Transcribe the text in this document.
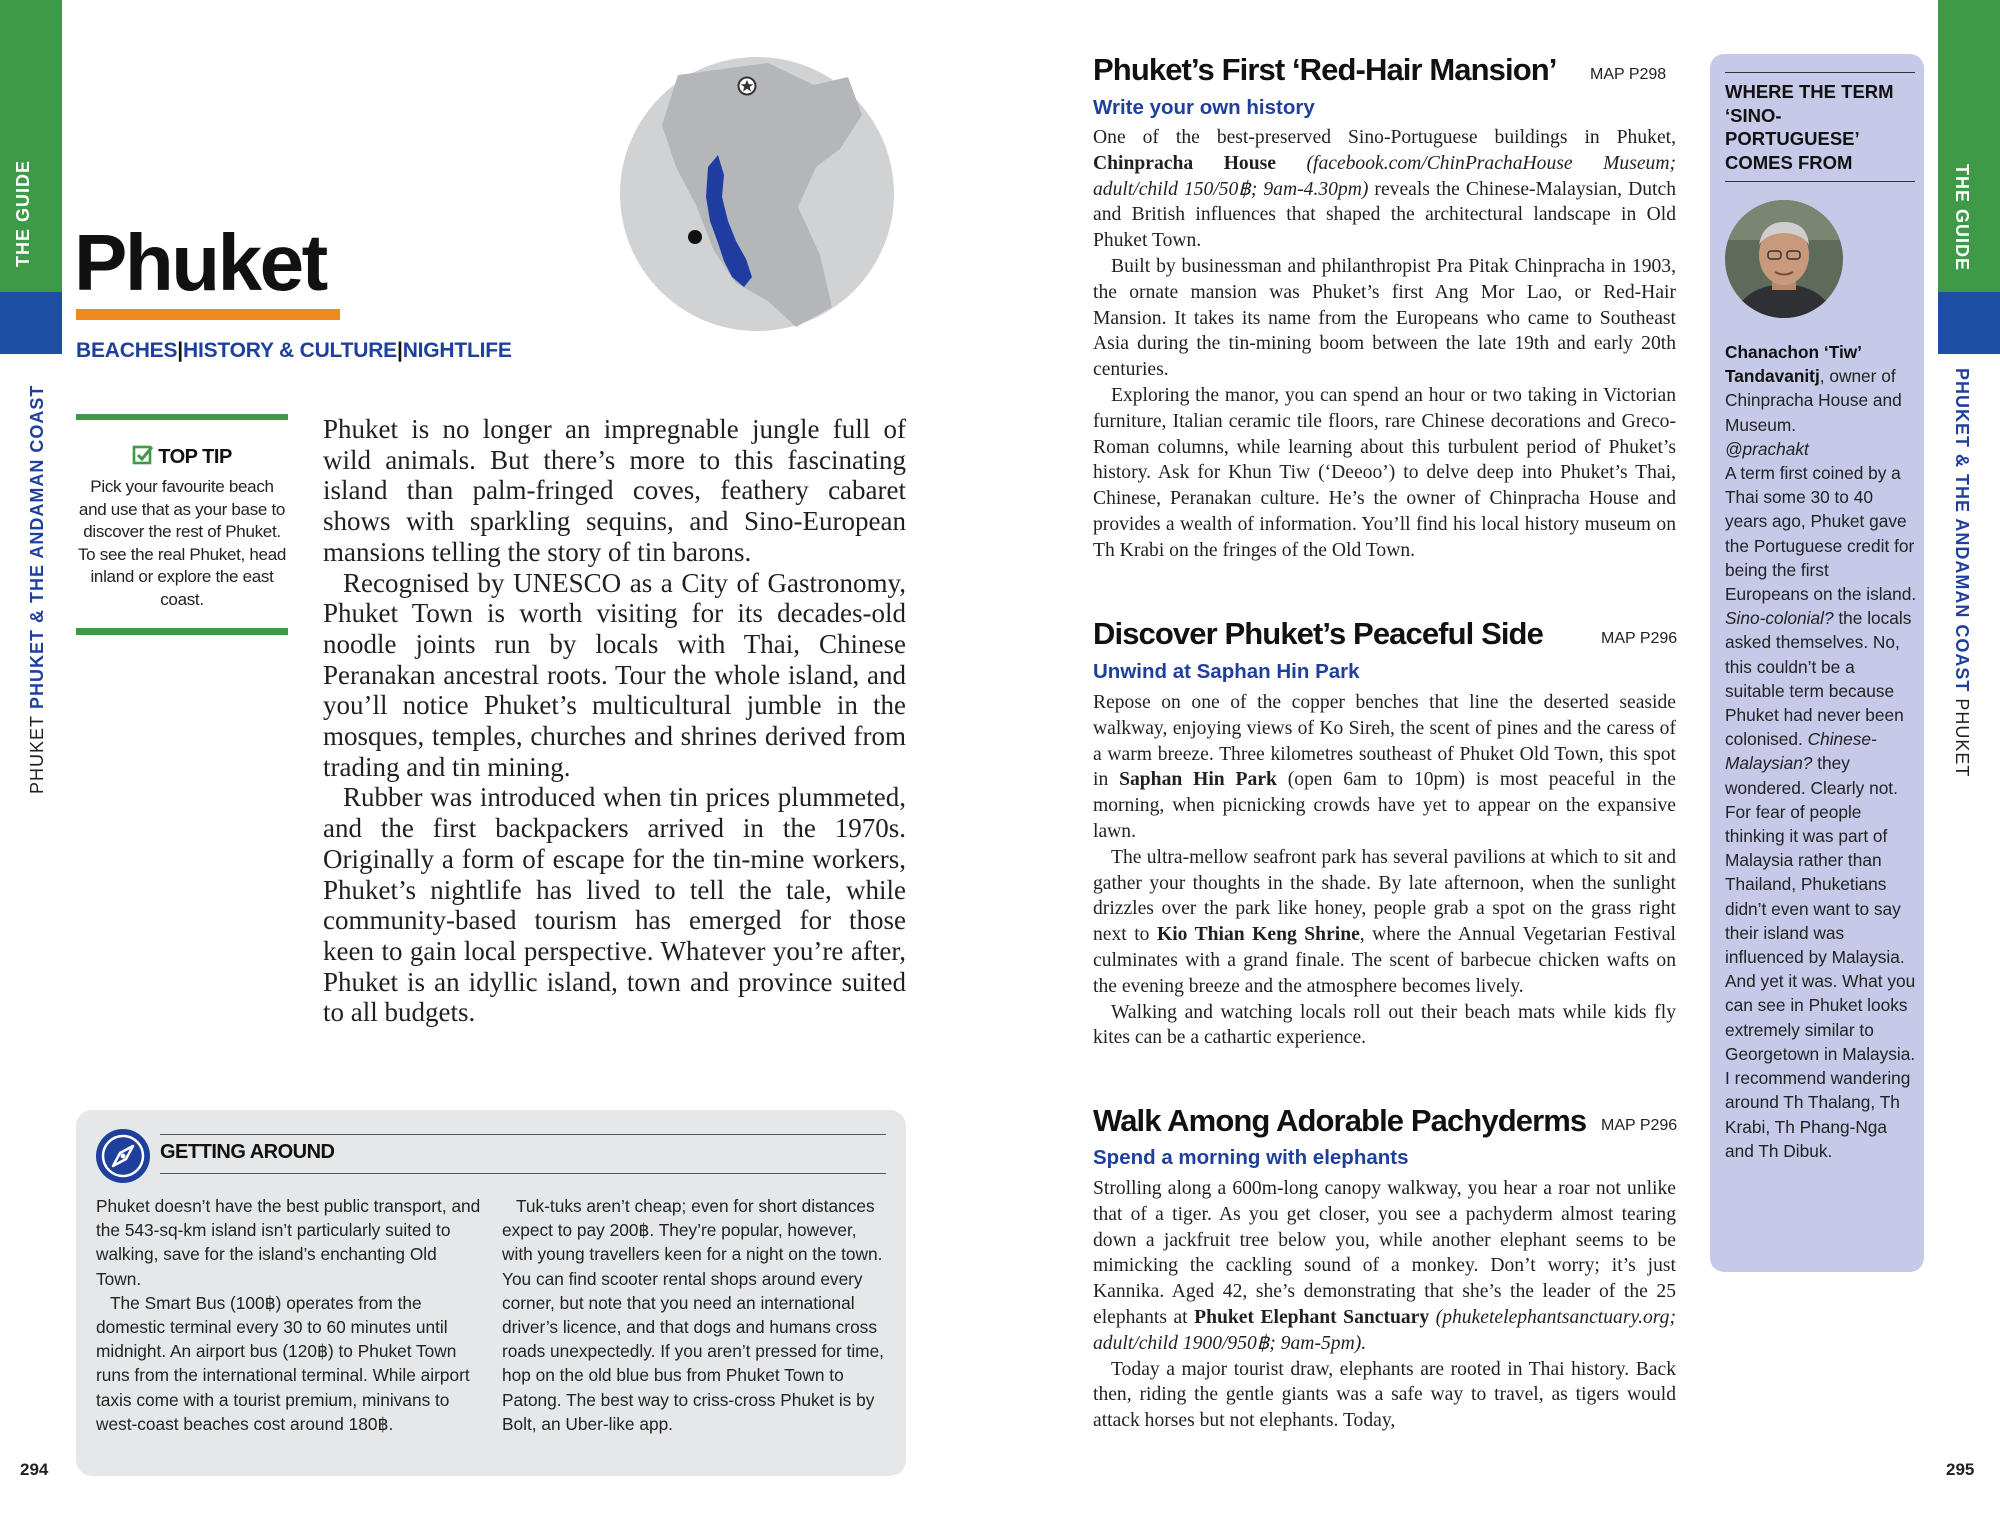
THE GUIDE
PHUKET PHUKET & THE ANDAMAN COAST
THE GUIDE
PHUKET & THE ANDAMAN COAST PHUKET
294	295
Phuket
BEACHES|HISTORY & CULTURE|NIGHTLIFE
TOP TIP
Pick your favourite beach and use that as your base to discover the rest of Phuket. To see the real Phuket, head inland or explore the east coast.

Phuket is no longer an impregnable jungle full of wild animals. But there’s more to this fascinating island than palm-fringed coves, feathery cabaret shows with sparkling sequins, and Sino-European mansions telling the story of tin barons.

Recognised by UNESCO as a City of Gastronomy, Phuket Town is worth visiting for its decades-old noodle joints run by locals with Thai, Chinese Peranakan ancestral roots. Tour the whole island, and you’ll notice Phuket’s multicultural jumble in the mosques, temples, churches and shrines derived from trading and tin mining.

Rubber was introduced when tin prices plummeted, and the first backpackers arrived in the 1970s. Originally a form of escape for the tin-mine workers, Phuket’s nightlife has lived to tell the tale, while community-based tourism has emerged for those keen to gain local perspective. Whatever you’re after, Phuket is an idyllic island, town and province suited to all budgets.

GETTING AROUND

Phuket doesn’t have the best public transport, and the 543-sq-km island isn’t particularly suited to walking, save for the island’s enchanting Old Town.

The Smart Bus (100฿) operates from the domestic terminal every 30 to 60 minutes until midnight. An airport bus (120฿) to Phuket Town runs from the international terminal. While airport taxis come with a tourist premium, minivans to west-coast beaches cost around 180฿.

Tuk-tuks aren’t cheap; even for short distances expect to pay 200฿. They’re popular, however, with young travellers keen for a night on the town. You can find scooter rental shops around every corner, but note that you need an international driver’s licence, and that dogs and humans cross roads unexpectedly. If you aren’t pressed for time, hop on the old blue bus from Phuket Town to Patong. The best way to criss-cross Phuket is by Bolt, an Uber-like app.

Phuket’s First ‘Red-Hair Mansion’ MAP P298
Write your own history

One of the best-preserved Sino-Portuguese buildings in Phuket, Chinpracha House (facebook.com/ChinPrachaHouse Museum; adult/child 150/50฿; 9am-4.30pm) reveals the Chinese-Malaysian, Dutch and British influences that shaped the architectural landscape in Old Phuket Town.

Built by businessman and philanthropist Pra Pitak Chinpracha in 1903, the ornate mansion was Phuket’s first Ang Mor Lao, or Red-Hair Mansion. It takes its name from the Europeans who came to Southeast Asia during the tin-mining boom between the late 19th and early 20th centuries.

Exploring the manor, you can spend an hour or two taking in Victorian furniture, Italian ceramic tile floors, rare Chinese decorations and Greco-Roman columns, while learning about this turbulent period of Phuket’s history. Ask for Khun Tiw (‘Deeoo’) to delve deep into Phuket’s Thai, Chinese, Peranakan culture. He’s the owner of Chinpracha House and provides a wealth of information. You’ll find his local history museum on Th Krabi on the fringes of the Old Town.

Discover Phuket’s Peaceful Side	MAP P296
Unwind at Saphan Hin Park

Repose on one of the copper benches that line the deserted seaside walkway, enjoying views of Ko Sireh, the scent of pines and the caress of a warm breeze. Three kilometres southeast of Phuket Old Town, this spot in Saphan Hin Park (open 6am to 10pm) is most peaceful in the morning, when picnicking crowds have yet to appear on the expansive lawn.

The ultra-mellow seafront park has several pavilions at which to sit and gather your thoughts in the shade. By late afternoon, when the sunlight drizzles over the park like honey, people grab a spot on the grass right next to Kio Thian Keng Shrine, where the Annual Vegetarian Festival culminates with a grand finale. The scent of barbecue chicken wafts on the evening breeze and the atmosphere becomes lively.

Walking and watching locals roll out their beach mats while kids fly kites can be a cathartic experience.

Walk Among Adorable Pachyderms MAP P296
Spend a morning with elephants

Strolling along a 600m-long canopy walkway, you hear a roar not unlike that of a tiger. As you get closer, you see a pachyderm almost tearing down a jackfruit tree below you, while another elephant seems to be mimicking the cackling sound of a monkey. Don’t worry; it’s just Kannika. Aged 42, she’s demonstrating that she’s the leader of the 25 elephants at Phuket Elephant Sanctuary (phuketelephantsanctuary.org; adult/child 1900/950฿; 9am-5pm).

Today a major tourist draw, elephants are rooted in Thai history. Back then, riding the gentle giants was a safe way to travel, as tigers would attack horses but not elephants. Today,

WHERE THE TERM ‘SINO-PORTUGUESE’ COMES FROM
Chanachon ‘Tiw’ Tandavanitj, owner of Chinpracha House and Museum.
@prachakt
A term first coined by a Thai some 30 to 40 years ago, Phuket gave the Portuguese credit for being the first Europeans on the island. Sino-colonial? the locals asked themselves. No, this couldn’t be a suitable term because Phuket had never been colonised. Chinese-Malaysian? they wondered. Clearly not. For fear of people thinking it was part of Malaysia rather than Thailand, Phuketians didn’t even want to say their island was influenced by Malaysia. And yet it was. What you can see in Phuket looks extremely similar to Georgetown in Malaysia. I recommend wandering around Th Thalang, Th Krabi, Th Phang-Nga and Th Dibuk.
